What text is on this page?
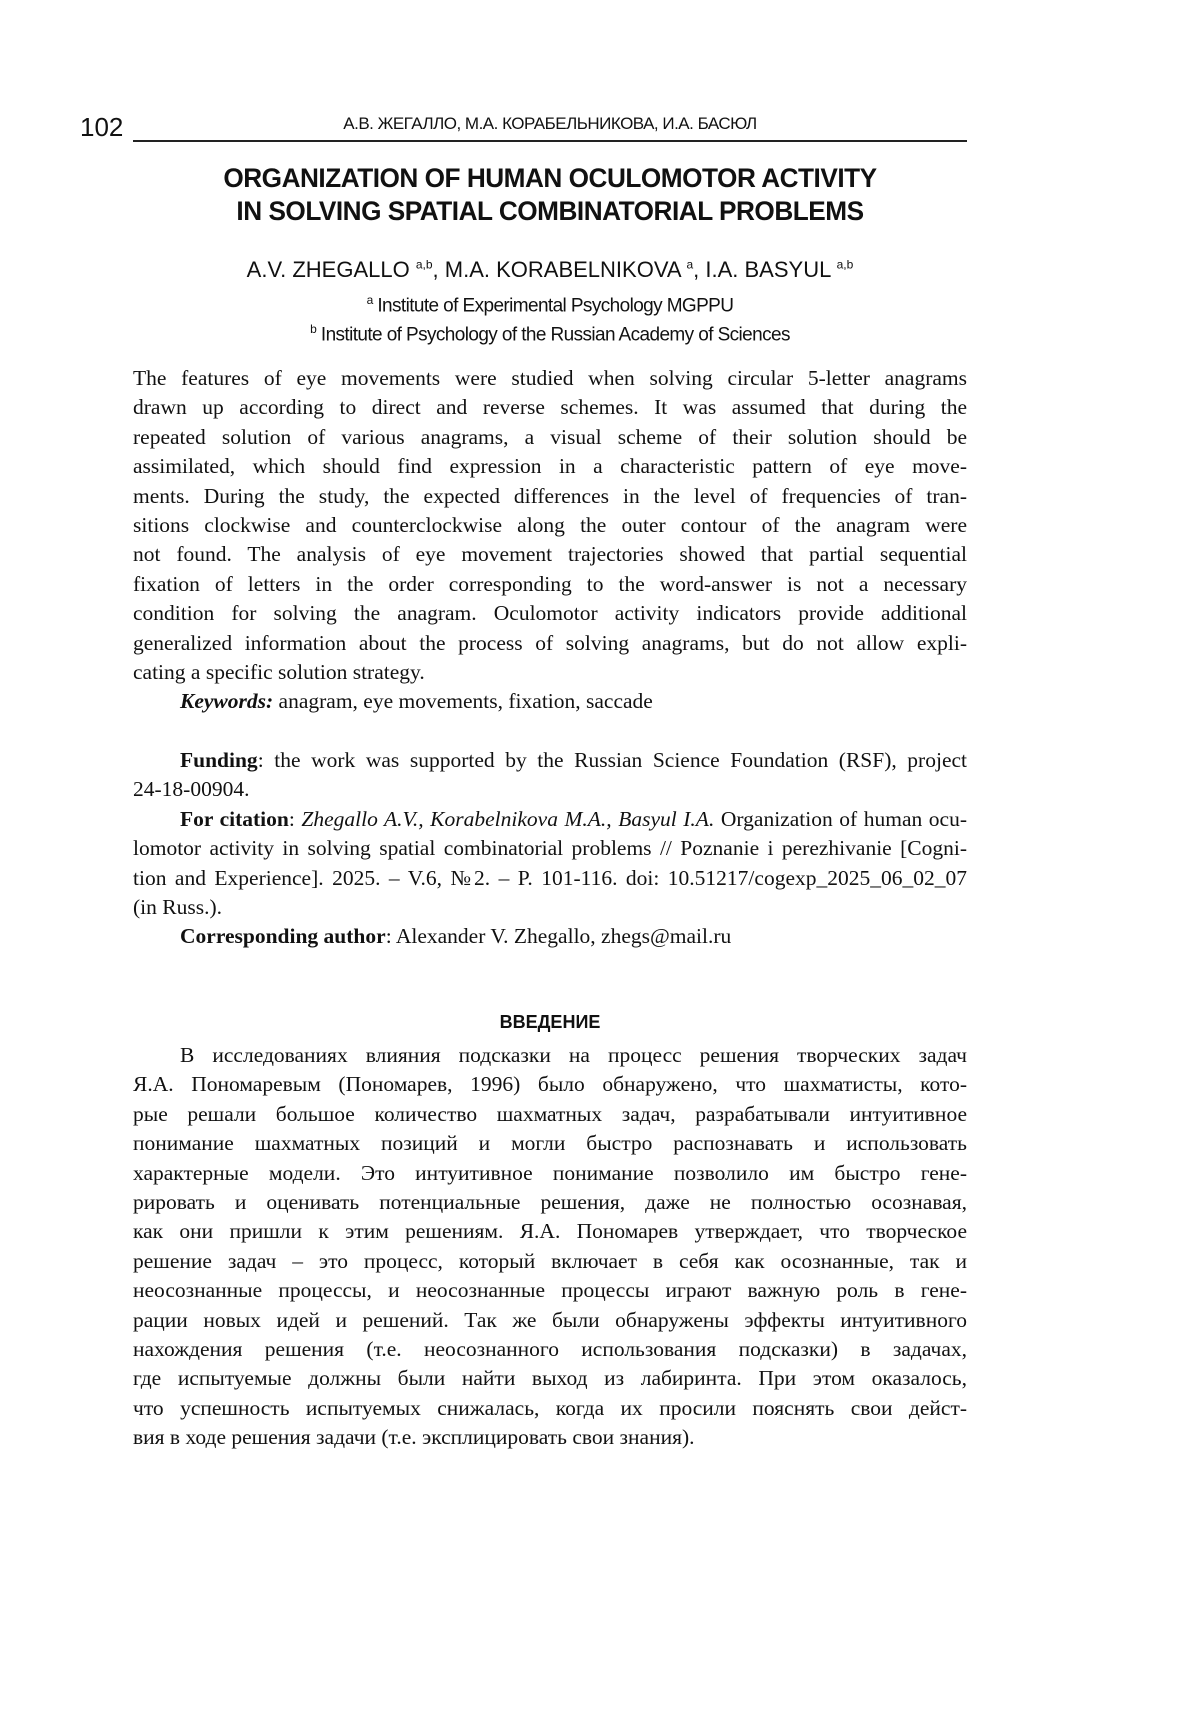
102	А.В. ЖЕГАЛЛО, М.А. КОРАБЕЛЬНИКОВА, И.А. БАСЮЛ
ORGANIZATION OF HUMAN OCULOMOTOR ACTIVITY
IN SOLVING SPATIAL COMBINATORIAL PROBLEMS
A.V. ZHEGALLO $^{a,b}$, M.A. KORABELNIKOVA $^a$, I.A. BASYUL $^{a,b}$
$^a$ Institute of Experimental Psychology MGPPU
$^b$ Institute of Psychology of the Russian Academy of Sciences
The features of eye movements were studied when solving circular 5-letter anagrams
drawn up according to direct and reverse schemes. It was assumed that during the
repeated solution of various anagrams, a visual scheme of their solution should be
assimilated, which should find expression in a characteristic pattern of eye move-
ments. During the study, the expected differences in the level of frequencies of tran-
sitions clockwise and counterclockwise along the outer contour of the anagram were
not found. The analysis of eye movement trajectories showed that partial sequential
fixation of letters in the order corresponding to the word-answer is not a necessary
condition for solving the anagram. Oculomotor activity indicators provide additional
generalized information about the process of solving anagrams, but do not allow expli-
cating a specific solution strategy.
Keywords: anagram, eye movements, fixation, saccade
Funding: the work was supported by the Russian Science Foundation (RSF), project
24-18-00904.
For citation: Zhegallo A.V., Korabelnikova M.A., Basyul I.A. Organization of human ocu-
lomotor activity in solving spatial combinatorial problems // Poznanie i perezhivanie [Cogni-
tion and Experience]. 2025. – V.6, №2. – P. 101-116. doi: 10.51217/cogexp_2025_06_02_07
(in Russ.).
Corresponding author: Alexander V. Zhegallo, zhegs@mail.ru
ВВЕДЕНИЕ
В исследованиях влияния подсказки на процесс решения творческих задач
Я.А. Пономаревым (Пономарев, 1996) было обнаружено, что шахматисты, кото-
рые решали большое количество шахматных задач, разрабатывали интуитивное
понимание шахматных позиций и могли быстро распознавать и использовать
характерные модели. Это интуитивное понимание позволило им быстро гене-
рировать и оценивать потенциальные решения, даже не полностью осознавая,
как они пришли к этим решениям. Я.А. Пономарев утверждает, что творческое
решение задач – это процесс, который включает в себя как осознанные, так и
неосознанные процессы, и неосознанные процессы играют важную роль в гене-
рации новых идей и решений. Так же были обнаружены эффекты интуитивного
нахождения решения (т.е. неосознанного использования подсказки) в задачах,
где испытуемые должны были найти выход из лабиринта. При этом оказалось,
что успешность испытуемых снижалась, когда их просили пояснять свои дейст-
вия в ходе решения задачи (т.е. эксплицировать свои знания).
